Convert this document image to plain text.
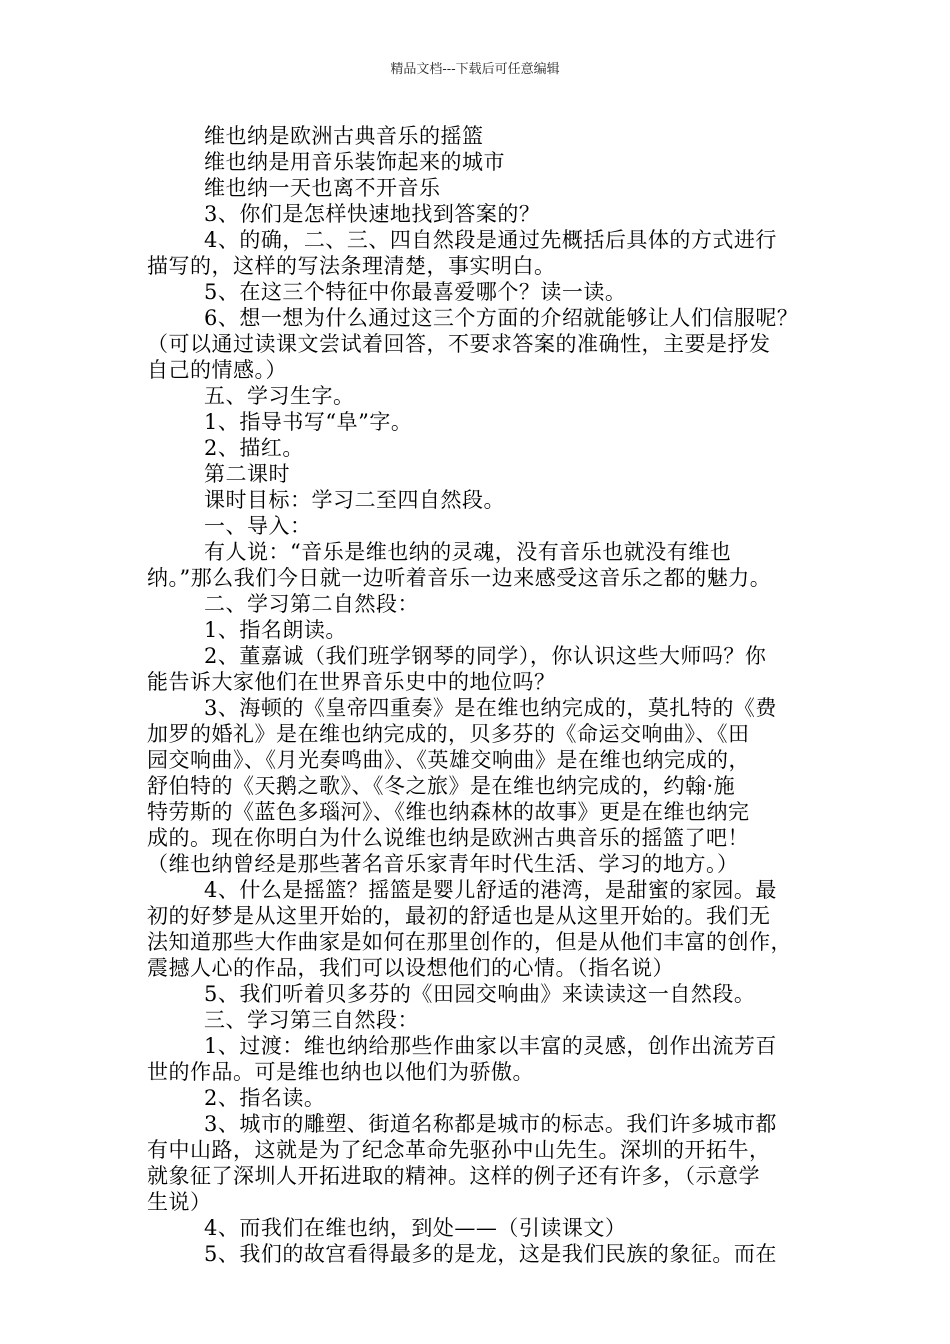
精品文档---下载后可任意编辑
维也纳是欧洲古典音乐的摇篮
维也纳是用音乐装饰起来的城市
维也纳一天也离不开音乐
3、你们是怎样快速地找到答案的？
4、的确，二、三、四自然段是通过先概括后具体的方式进行
描写的，这样的写法条理清楚，事实明白。
5、在这三个特征中你最喜爱哪个？读一读。
6、想一想为什么通过这三个方面的介绍就能够让人们信服呢？
（可以通过读课文尝试着回答，不要求答案的准确性，主要是抒发
自己的情感。）
五、学习生字。
1、指导书写“阜”字。
2、描红。
第二课时
课时目标：学习二至四自然段。
一、导入：
有人说：“音乐是维也纳的灵魂，没有音乐也就没有维也
纳。”那么我们今日就一边听着音乐一边来感受这音乐之都的魅力。
二、学习第二自然段：
1、指名朗读。
2、董嘉诚（我们班学钢琴的同学），你认识这些大师吗？你
能告诉大家他们在世界音乐史中的地位吗？
3、海顿的《皇帝四重奏》是在维也纳完成的，莫扎特的《费
加罗的婚礼》是在维也纳完成的，贝多芬的《命运交响曲》、《田
园交响曲》、《月光奏鸣曲》、《英雄交响曲》是在维也纳完成的，
舒伯特的《天鹅之歌》、《冬之旅》是在维也纳完成的，约翰·施
特劳斯的《蓝色多瑙河》、《维也纳森林的故事》更是在维也纳完
成的。现在你明白为什么说维也纳是欧洲古典音乐的摇篮了吧！
（维也纳曾经是那些著名音乐家青年时代生活、学习的地方。）
4、什么是摇篮？摇篮是婴儿舒适的港湾，是甜蜜的家园。最
初的好梦是从这里开始的，最初的舒适也是从这里开始的。我们无
法知道那些大作曲家是如何在那里创作的，但是从他们丰富的创作，
震撼人心的作品，我们可以设想他们的心情。（指名说）
5、我们听着贝多芬的《田园交响曲》来读读这一自然段。
三、学习第三自然段：
1、过渡：维也纳给那些作曲家以丰富的灵感，创作出流芳百
世的作品。可是维也纳也以他们为骄傲。
2、指名读。
3、城市的雕塑、街道名称都是城市的标志。我们许多城市都
有中山路，这就是为了纪念革命先驱孙中山先生。深圳的开拓牛，
就象征了深圳人开拓进取的精神。这样的例子还有许多，（示意学
生说）
4、而我们在维也纳，到处——（引读课文）
5、我们的故宫看得最多的是龙，这是我们民族的象征。而在
